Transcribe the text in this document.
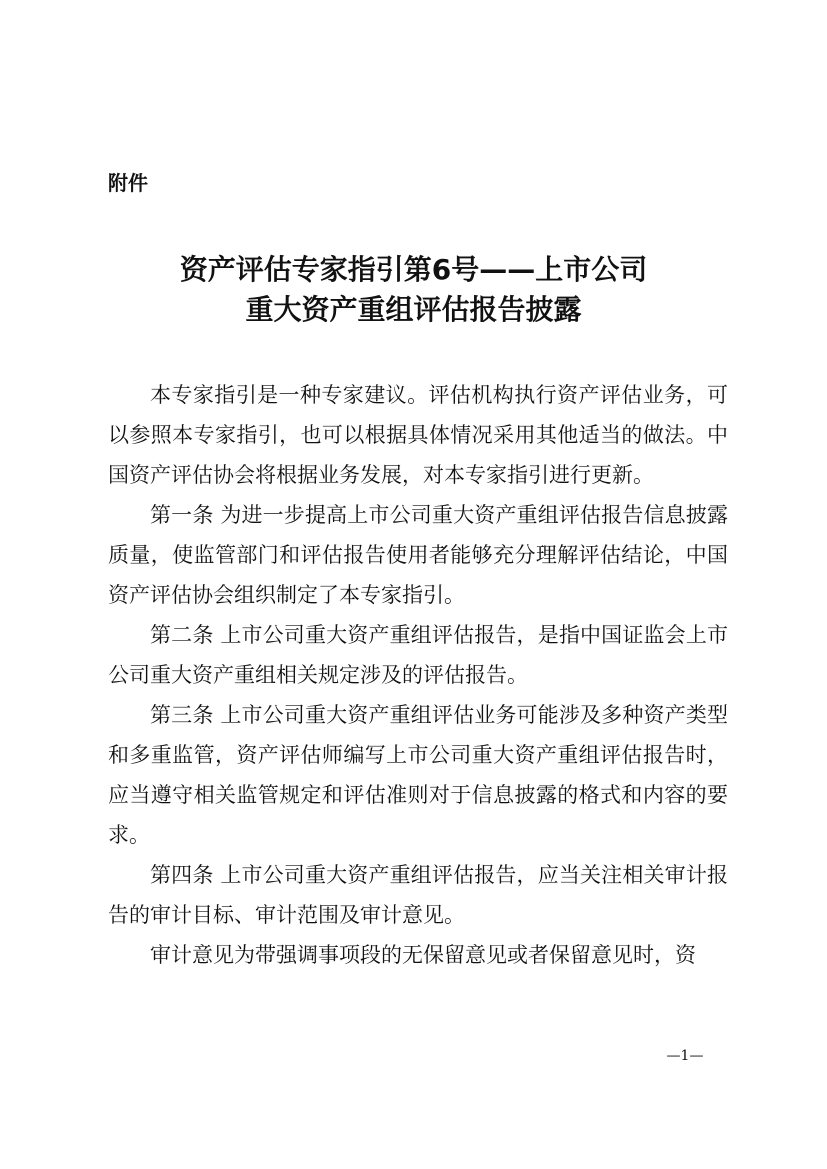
附件
资产评估专家指引第6号——上市公司
重大资产重组评估报告披露

本专家指引是一种专家建议。评估机构执行资产评估业务，可以参照本专家指引，也可以根据具体情况采用其他适当的做法。中国资产评估协会将根据业务发展，对本专家指引进行更新。

第一条 为进一步提高上市公司重大资产重组评估报告信息披露质量，使监管部门和评估报告使用者能够充分理解评估结论，中国资产评估协会组织制定了本专家指引。

第二条 上市公司重大资产重组评估报告，是指中国证监会上市公司重大资产重组相关规定涉及的评估报告。

第三条 上市公司重大资产重组评估业务可能涉及多种资产类型和多重监管，资产评估师编写上市公司重大资产重组评估报告时，应当遵守相关监管规定和评估准则对于信息披露的格式和内容的要求。

第四条 上市公司重大资产重组评估报告，应当关注相关审计报告的审计目标、审计范围及审计意见。

审计意见为带强调事项段的无保留意见或者保留意见时，资

—1—
